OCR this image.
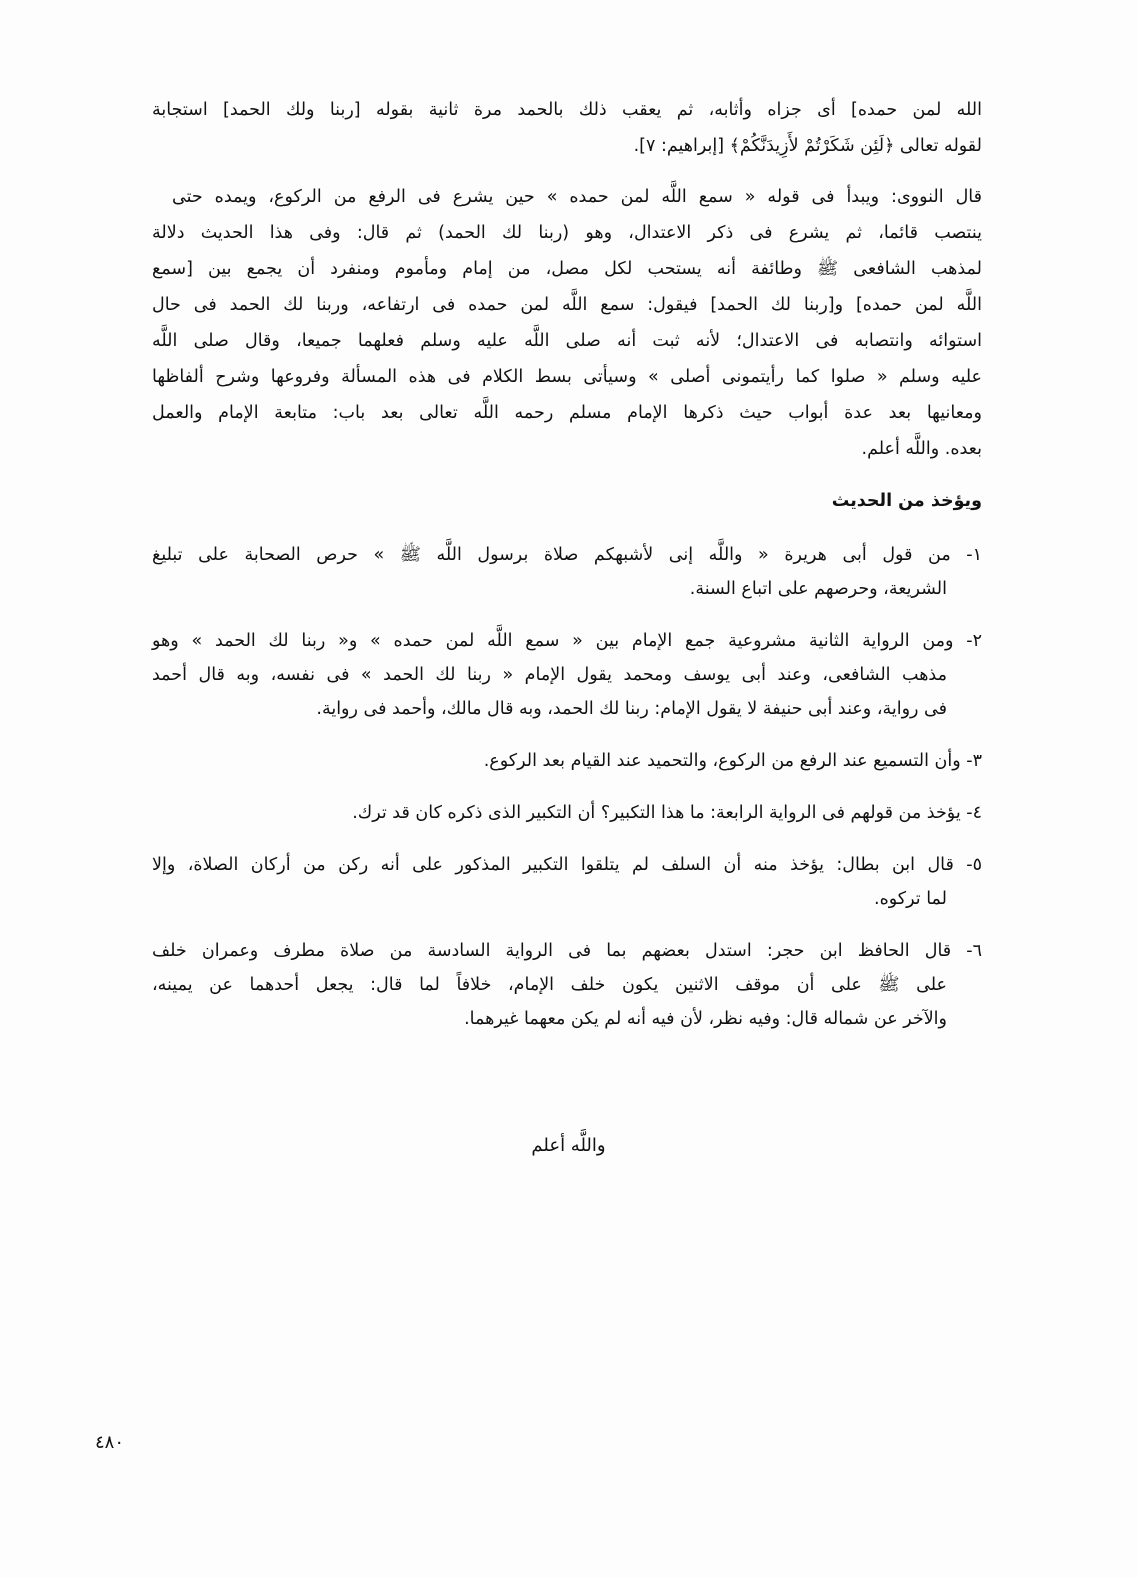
الله لمن حمده] أى جزاه وأثابه، ثم يعقب ذلك بالحمد مرة ثانية بقوله [ربنا ولك الحمد] استجابة
لقوله تعالى ﴿لَئِن شَكَرْتُمْ لأَزِيدَنَّكُمْ﴾ [إبراهيم: ٧].
قال النووى: ويبدأ فى قوله « سمع اللَّه لمن حمده » حين يشرع فى الرفع من الركوع، ويمده حتى
ينتصب قائما، ثم يشرع فى ذكر الاعتدال، وهو (ربنا لك الحمد) ثم قال: وفى هذا الحديث دلالة
لمذهب الشافعى ﷺ وطائفة أنه يستحب لكل مصل، من إمام ومأموم ومنفرد أن يجمع بين [سمع
اللَّه لمن حمده] و[ربنا لك الحمد] فيقول: سمع اللَّه لمن حمده فى ارتفاعه، وربنا لك الحمد فى حال
استوائه وانتصابه فى الاعتدال؛ لأنه ثبت أنه صلى اللَّه عليه وسلم فعلهما جميعا، وقال صلى اللَّه
عليه وسلم « صلوا كما رأيتمونى أصلى » وسيأتى بسط الكلام فى هذه المسألة وفروعها وشرح ألفاظها
ومعانيها بعد عدة أبواب حيث ذكرها الإمام مسلم رحمه اللَّه تعالى بعد باب: متابعة الإمام والعمل
بعده. واللَّه أعلم.
ويؤخذ من الحديث
١- من قول أبى هريرة « واللَّه إنى لأشبهكم صلاة برسول اللَّه ﷺ » حرص الصحابة على تبليغ
الشريعة، وحرصهم على اتباع السنة.
٢- ومن الرواية الثانية مشروعية جمع الإمام بين « سمع اللَّه لمن حمده » و« ربنا لك الحمد » وهو
مذهب الشافعى، وعند أبى يوسف ومحمد يقول الإمام « ربنا لك الحمد » فى نفسه، وبه قال أحمد
فى رواية، وعند أبى حنيفة لا يقول الإمام: ربنا لك الحمد، وبه قال مالك، وأحمد فى رواية.
٣- وأن التسميع عند الرفع من الركوع، والتحميد عند القيام بعد الركوع.
٤- يؤخذ من قولهم فى الرواية الرابعة: ما هذا التكبير؟ أن التكبير الذى ذكره كان قد ترك.
٥- قال ابن بطال: يؤخذ منه أن السلف لم يتلقوا التكبير المذكور على أنه ركن من أركان الصلاة، وإلا
لما تركوه.
٦- قال الحافظ ابن حجر: استدل بعضهم بما فى الرواية السادسة من صلاة مطرف وعمران خلف
على ﷺ على أن موقف الاثنين يكون خلف الإمام، خلافاً لما قال: يجعل أحدهما عن يمينه،
والآخر عن شماله قال: وفيه نظر، لأن فيه أنه لم يكن معهما غيرهما.
واللَّه أعلم
٤٨٠
